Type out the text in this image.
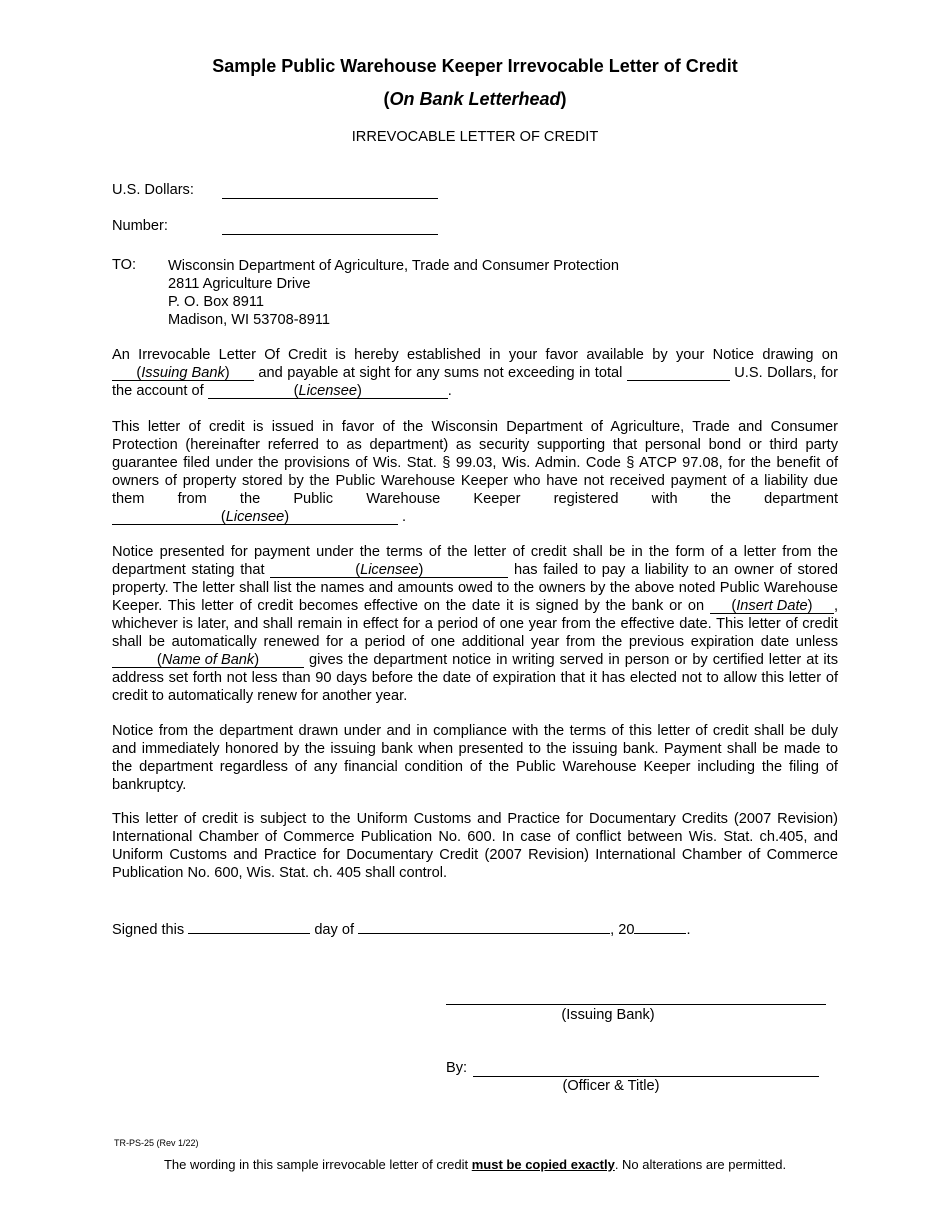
Sample Public Warehouse Keeper Irrevocable Letter of Credit
(On Bank Letterhead)
IRREVOCABLE LETTER OF CREDIT
U.S. Dollars:
Number:
TO: Wisconsin Department of Agriculture, Trade and Consumer Protection
2811 Agriculture Drive
P. O. Box 8911
Madison, WI 53708-8911

An Irrevocable Letter Of Credit is hereby established in your favor available by your Notice drawing on (Issuing Bank) and payable at sight for any sums not exceeding in total	U.S. Dollars, for the account of	(Licensee)	.

This letter of credit is issued in favor of the Wisconsin Department of Agriculture, Trade and Consumer Protection (hereinafter referred to as department) as security supporting that personal bond or third party guarantee filed under the provisions of Wis. Stat. § 99.03, Wis. Admin. Code § ATCP 97.08, for the benefit of owners of property stored by the Public Warehouse Keeper who have not received payment of a liability due them from the Public Warehouse Keeper registered with the department (Licensee)	.

Notice presented for payment under the terms of the letter of credit shall be in the form of a letter from the department stating that	(Licensee)	has failed to pay a liability to an owner of stored property. The letter shall list the names and amounts owed to the owners by the above noted Public Warehouse Keeper. This letter of credit becomes effective on the date it is signed by the bank or on (Insert Date) , whichever is later, and shall remain in effect for a period of one year from the effective date. This letter of credit shall be automatically renewed for a period of one additional year from the previous expiration date unless (Name of Bank)	gives the department notice in writing served in person or by certified letter at its address set forth not less than 90 days before the date of expiration that it has elected not to allow this letter of credit to automatically renew for another year.

Notice from the department drawn under and in compliance with the terms of this letter of credit shall be duly and immediately honored by the issuing bank when presented to the issuing bank. Payment shall be made to the department regardless of any financial condition of the Public Warehouse Keeper including the filing of bankruptcy.

This letter of credit is subject to the Uniform Customs and Practice for Documentary Credits (2007 Revision) International Chamber of Commerce Publication No. 600. In case of conflict between Wis. Stat. ch.405, and Uniform Customs and Practice for Documentary Credit (2007 Revision) International Chamber of Commerce Publication No. 600, Wis. Stat. ch. 405 shall control.

Signed this	day of	, 20	.
(Issuing Bank)
By:
(Officer & Title)
TR-PS-25 (Rev 1/22)
The wording in this sample irrevocable letter of credit must be copied exactly. No alterations are permitted.
